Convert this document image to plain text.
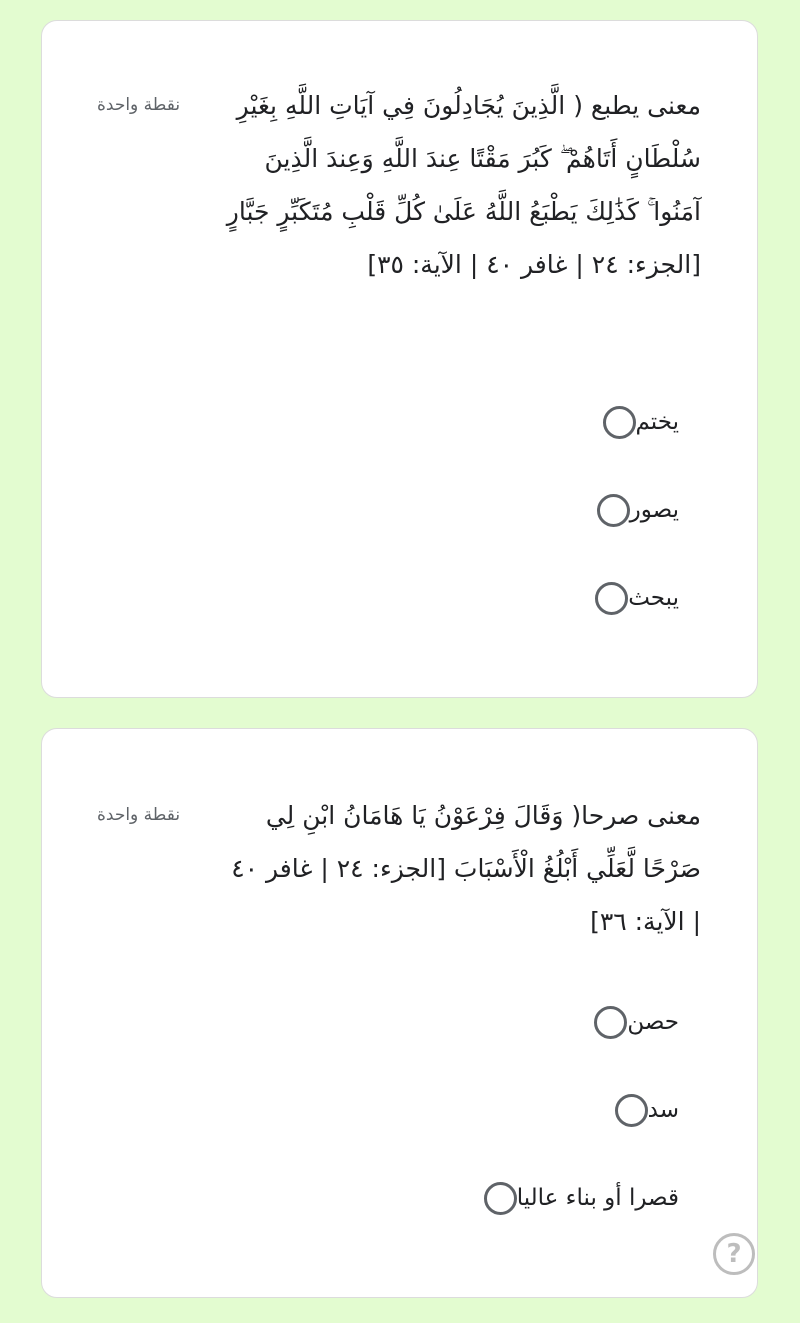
معنى يطبع ( الَّذِينَ يُجَادِلُونَ فِي آيَاتِ اللَّهِ بِغَيْرِ سُلْطَانٍ أَتَاهُمْ ۖ كَبُرَ مَقْتًا عِندَ اللَّهِ وَعِندَ الَّذِينَ آمَنُوا ۚ كَذَٰلِكَ يَطْبَعُ اللَّهُ عَلَىٰ كُلِّ قَلْبِ مُتَكَبِّرٍ جَبَّارٍ [الجزء: ٢٤ | غافر ٤٠ | الآية: ٣٥]
نقطة واحدة
يختم
يصور
يبحث
معنى صرحا( وَقَالَ فِرْعَوْنُ يَا هَامَانُ ابْنِ لِي صَرْحًا لَّعَلِّي أَبْلُغُ الْأَسْبَابَ [الجزء: ٢٤ | غافر ٤٠ | الآية: ٣٦]
نقطة واحدة
حصن
سد
قصرا أو بناء عاليا
?
